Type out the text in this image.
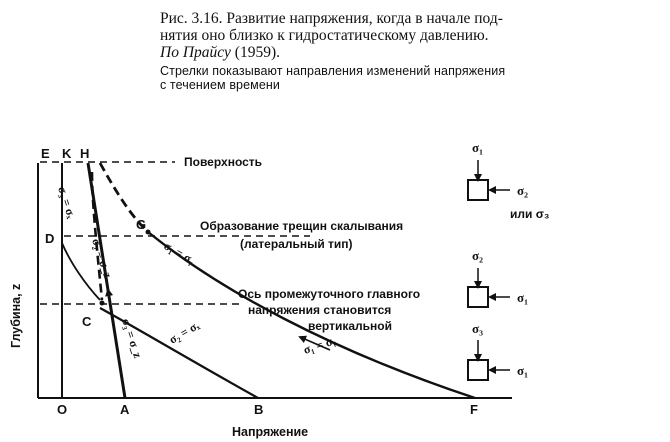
Рис. 3.16. Развитие напряжения, когда в начале под-
нятия оно близко к гидростатическому давлению.
По Прайсу (1959).
Стрелки показывают направления изменений напряжения
с течением времени
E K H
D
G
C
O	A	B	F
Напряжение
Глубина, z
Поверхность
Образование трещин скалывания
(латеральный тип)
Ось промежуточного главного
напряжения становится
вертикальной
σ₃ = σₓ
σ₂ = σ_z	σ₁ = σᵧ
σ₃ = σ_z σ₂ = σₓ	σ₁ = σᵧ
σ₁
σ₂
или σ₃
σ₂
σ₁
σ₃
σ₁
